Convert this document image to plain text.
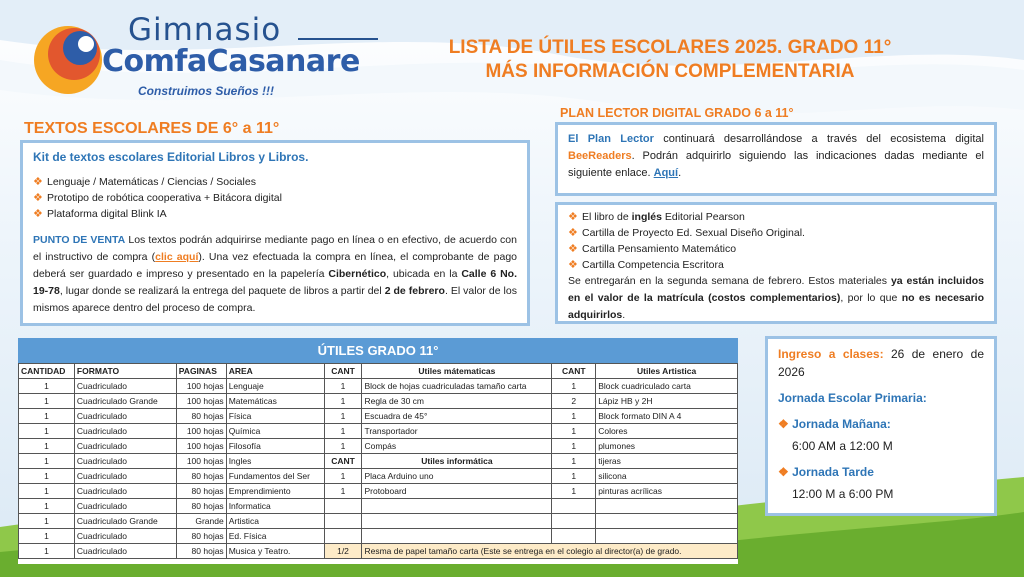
Gimnasio
ComfaCasanare
Construimos Sueños !!!
LISTA DE ÚTILES ESCOLARES 2025. GRADO 11°
MÁS INFORMACIÓN COMPLEMENTARIA
TEXTOS ESCOLARES DE 6° a 11°
Kit de textos escolares Editorial Libros y Libros.
❖ Lenguaje / Matemáticas / Ciencias / Sociales
❖ Prototipo de robótica cooperativa + Bitácora digital
❖ Plataforma digital Blink IA

PUNTO DE VENTA Los textos podrán adquirirse mediante pago en línea o en efectivo, de acuerdo con el instructivo de compra (clic aquí). Una vez efectuada la compra en línea, el comprobante de pago deberá ser guardado e impreso y presentado en la papelería Cibernético, ubicada en la Calle 6 No. 19-78, lugar donde se realizará la entrega del paquete de libros a partir del 2 de febrero. El valor de los mismos aparece dentro del proceso de compra.

PLAN LECTOR DIGITAL GRADO 6 a 11°
El Plan Lector continuará desarrollándose a través del ecosistema digital BeeReaders. Podrán adquirirlo siguiendo las indicaciones dadas mediante el siguiente enlace. Aquí.
❖ El libro de inglés Editorial Pearson
❖ Cartilla de Proyecto Ed. Sexual Diseño Original.
❖ Cartilla Pensamiento Matemático
❖ Cartilla Competencia Escritora

Se entregarán en la segunda semana de febrero. Estos materiales ya están incluidos en el valor de la matrícula (costos complementarios), por lo que no es necesario adquirirlos.

Ingreso a clases: 26 de enero de 2026
Jornada Escolar Primaria:
❖ Jornada Mañana:
6:00 AM a 12:00 M
❖ Jornada Tarde
12:00 M a 6:00 PM
ÚTILES GRADO 11°
CANTIDAD	FORMATO	PAGINAS	AREA	CANT	Utiles mátematicas	CANT	Utiles Artistica
1	Cuadriculado	100 hojas	Lenguaje	1	Block de hojas cuadriculadas tamaño carta	1	Block cuadriculado carta
1	Cuadriculado Grande	100 hojas	Matemáticas	1	Regla de 30 cm	2	Lápiz HB y 2H
1	Cuadriculado	80 hojas	Física	1	Escuadra de 45°	1	Block formato DIN A 4
1	Cuadriculado	100 hojas	Química	1	Transportador	1	Colores
1	Cuadriculado	100 hojas	Filosofía	1	Compás	1	plumones
1	Cuadriculado	100 hojas	Ingles	CANT	Utiles informática	1	tijeras
1	Cuadriculado	80 hojas	Fundamentos del Ser	1	Placa Arduino uno	1	silicona
1	Cuadriculado	80 hojas	Emprendimiento	1	Protoboard	1	pinturas acrílicas
1	Cuadriculado	80 hojas	Informatica				
1	Cuadriculado Grande	Grande	Artistica				
1	Cuadriculado	80 hojas	Ed. Física				
1	Cuadriculado	80 hojas	Musica y Teatro.	1/2	Resma de papel tamaño carta (Este se entrega en el colegio al director(a) de grado.		
